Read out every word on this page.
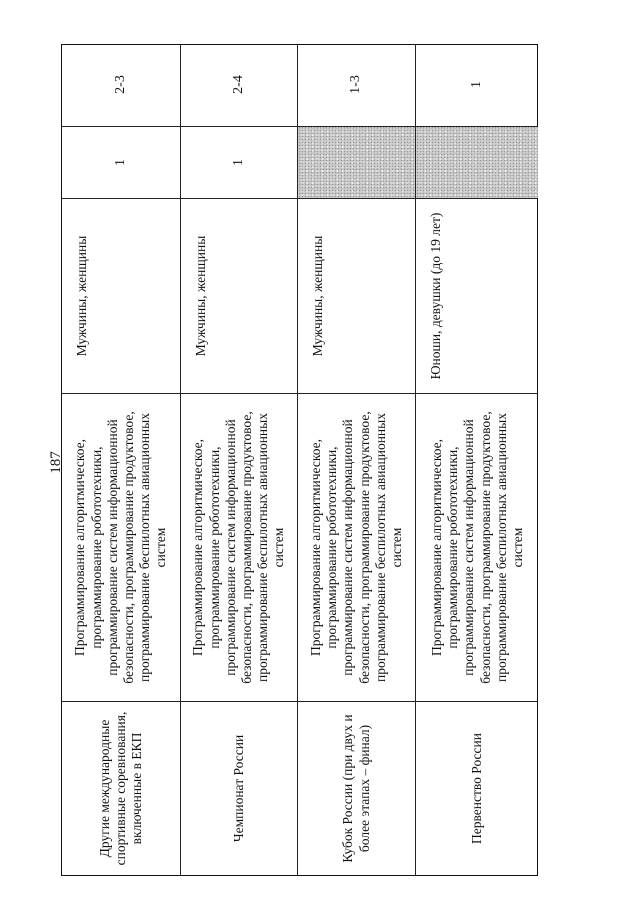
187
Другие международные спортивные соревнования, включенные в ЕКП
Программирование алгоритмическое, программирование робототехники, программирование систем информационной безопасности, программирование продуктовое, программирование беспилотных авиационных систем
Мужчины, женщины
1
2-3
Чемпионат России
Программирование алгоритмическое, программирование робототехники, программирование систем информационной безопасности, программирование продуктовое, программирование беспилотных авиационных систем
Мужчины, женщины
1
2-4
Кубок России (при двух и более этапах – финал)
Программирование алгоритмическое, программирование робототехники, программирование систем информационной безопасности, программирование продуктовое, программирование беспилотных авиационных систем
Мужчины, женщины
1-3
Первенство России
Программирование алгоритмическое, программирование робототехники, программирование систем информационной безопасности, программирование продуктовое, программирование беспилотных авиационных систем
Юноши, девушки (до 19 лет)
1
